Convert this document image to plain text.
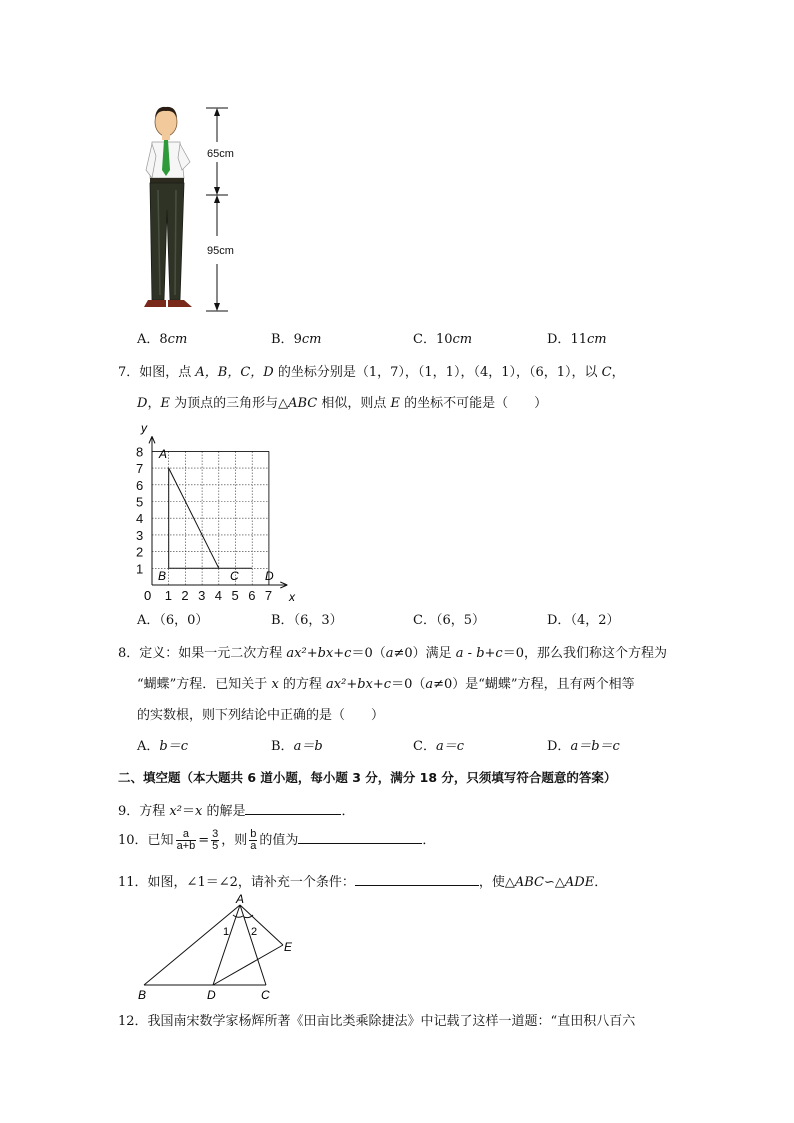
65cm
95cm
A．8cm	B．9cm	C．10cm	D．11cm
7．如图，点 A，B，C，D 的坐标分别是（1，7），（1，1），（4，1），（6，1），以 C，
D，E 为顶点的三角形与△ABC 相似，则点 E 的坐标不可能是（　　）
1 2 3 4 5 6 7
1
2
3
4
5
6
7
8
y
x
0
A
B	C D
A．（6，0）	B．（6，3）	C．（6，5）	D．（4，2）
8．定义：如果一元二次方程 ax²+bx+c＝0（a≠0）满足 a - b+c＝0，那么我们称这个方程为
“蝴蝶”方程．已知关于 x 的方程 ax²+bx+c＝0（a≠0）是“蝴蝶”方程，且有两个相等
的实数根，则下列结论中正确的是（　　）
A．b＝c	B．a＝b	C．a＝c	D．a＝b＝c
二、填空题（本大题共 6 道小题，每小题 3 分，满分 18 分，只须填写符合题意的答案）
9．方程 x²＝x 的解是	．
10．已知 $\frac{a}{a+b} = \frac{3}{5}$ ，则 $\frac{b}{a}$ 的值为	．
11．如图，∠1＝∠2，请补充一个条件：	，使△ABC∽△ADE．
A
B	C
D
E
1 2
12．我国南宋数学家杨辉所著《田亩比类乘除捷法》中记载了这样一道题：“直田积八百六
